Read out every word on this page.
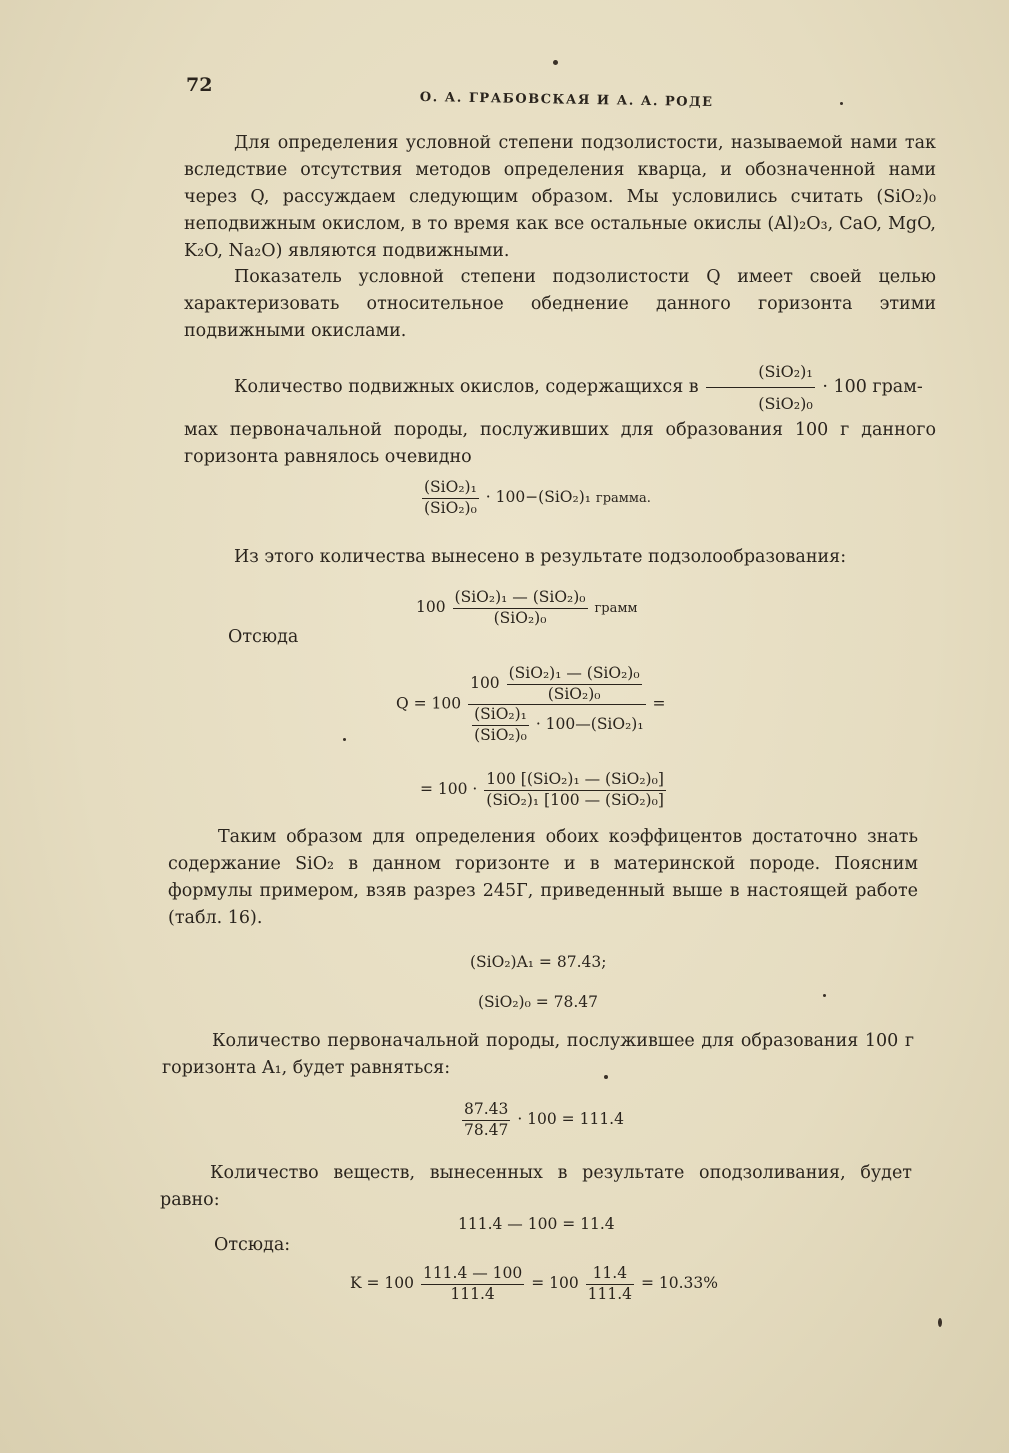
72
О. А. ГРАБОВСКАЯ И А. А. РОДЕ

Для определения условной степени подзолистости, называемой нами так вследствие отсутствия методов определения кварца, и обозначенной нами через Q, рассуждаем следующим образом. Мы условились считать (SiO₂)₀ неподвижным окислом, в то время как все остальные окислы (Al)₂O₃, CaO, MgO, K₂O, Na₂O) являются подвижными.

Показатель условной степени подзолистости Q имеет своей целью характеризовать относительное обеднение данного горизонта этими подвижными окислами.

Количество подвижных окислов, содержащихся в $\frac{\text{(SiO₂)₁}}{\text{(SiO₂)₀}} \cdot 100$ грам-
мах первоначальной породы, послуживших для образования 100 г данного горизонта равнялось очевидно
$\frac{\text{(SiO₂)₁}}{\text{(SiO₂)₀}} \cdot 100-(SiO_2)_1$ грамма.

Из этого количества вынесено в результате подзолообразования:

$100 \frac{\text{(SiO₂)₁ — (SiO₂)₀}}{\text{(SiO₂)₀}}$ грамм
Отсюда
$Q = 100 \frac{100 \frac{\text{(SiO₂)₁ — (SiO₂)₀}}{\text{(SiO₂)₀}}}{\frac{\text{(SiO₂)₁}}{\text{(SiO₂)₀}} \cdot 100—(SiO_2)_1}$ =
= $100 \cdot \frac{\text{100 [(SiO₂)₁ — (SiO₂)₀]}}{\text{(SiO₂)₁ [100 — (SiO₂)₀]}}$

Таким образом для определения обоих коэффицентов достаточно знать содержание SiO₂ в данном горизонте и в материнской породе. Поясним формулы примером, взяв разрез 245Г, приведенный выше в настоящей работе (табл. 16).

(SiO₂)A₁ = 87.43;
(SiO₂)₀ = 78.47

Количество первоначальной породы, послужившее для образования 100 г горизонта A₁, будет равняться:

$\frac{87.43}{78.47} \cdot 100 = 111.4$

Количество веществ, вынесенных в результате оподзоливания, будет равно:

111.4 — 100 = 11.4
Отсюда:
$K = 100 \frac{111.4 — 100}{111.4} = 100 \frac{11.4}{111.4} = 10.33\%$
